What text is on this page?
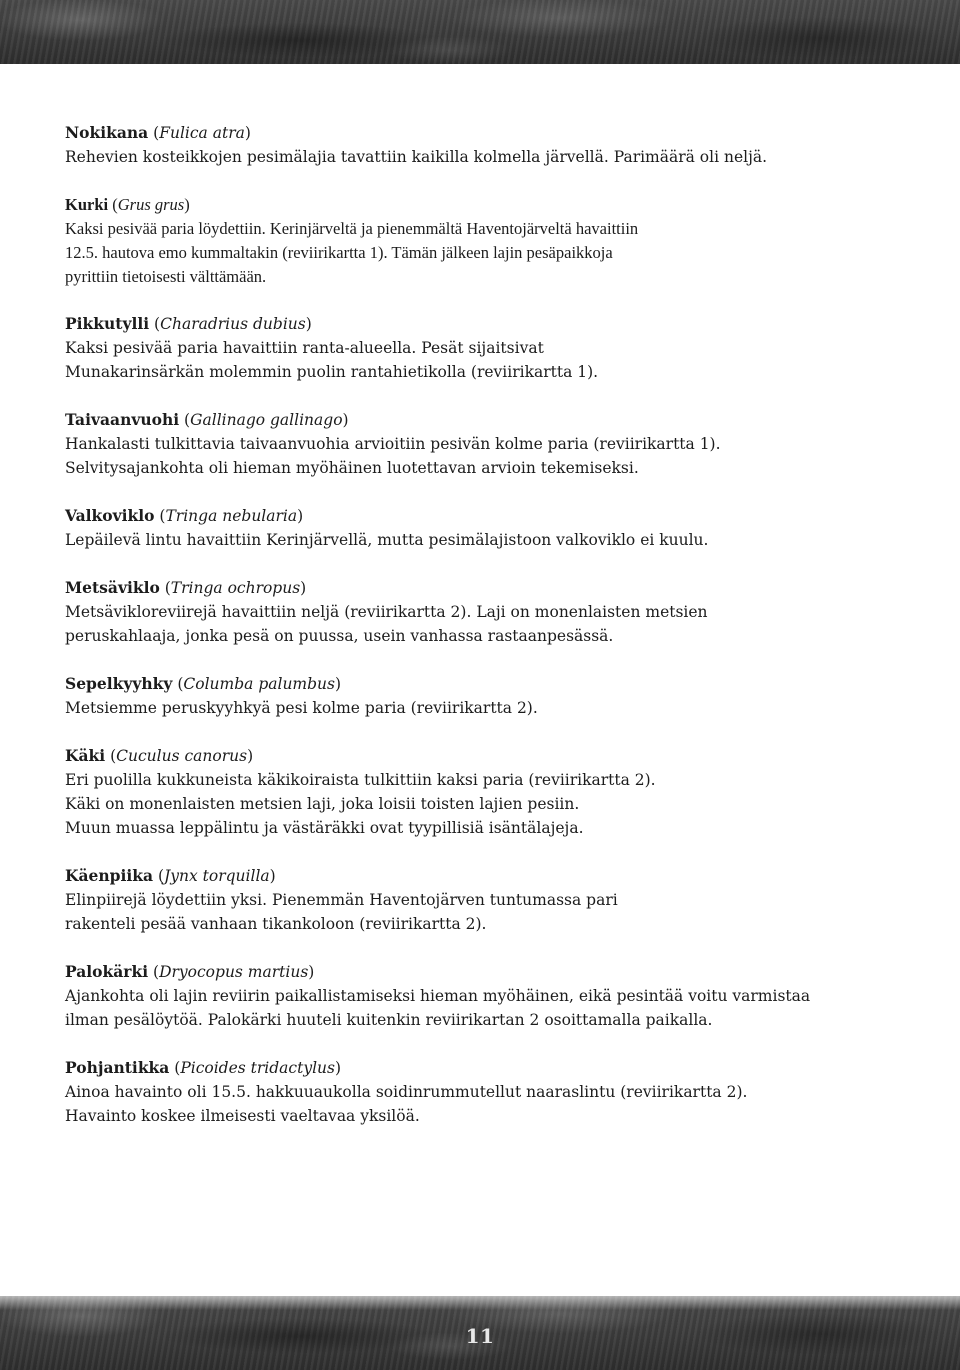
Nokikana (Fulica atra)
Rehevien kosteikkojen pesimälajia tavattiin kaikilla kolmella järvellä. Parimäärä oli neljä.
Kurki (Grus grus)
Kaksi pesivää paria löydettiin. Kerinjärveltä ja pienemmältä Haventojärveltä havaittiin
12.5. hautova emo kummaltakin (reviirikartta 1). Tämän jälkeen lajin pesäpaikkoja
pyrittiin tietoisesti välttämään.
Pikkutylli (Charadrius dubius)
Kaksi pesivää paria havaittiin ranta-alueella. Pesät sijaitsivat
Munakarinsärkän molemmin puolin rantahietikolla (reviirikartta 1).
Taivaanvuohi (Gallinago gallinago)
Hankalasti tulkittavia taivaanvuohia arvioitiin pesivän kolme paria (reviirikartta 1).
Selvitysajankohta oli hieman myöhäinen luotettavan arvioin tekemiseksi.
Valkoviklo (Tringa nebularia)
Lepäilevä lintu havaittiin Kerinjärvellä, mutta pesimälajistoon valkoviklo ei kuulu.
Metsäviklo (Tringa ochropus)
Metsävikloreviirejä havaittiin neljä (reviirikartta 2). Laji on monenlaisten metsien
peruskahlaaja, jonka pesä on puussa, usein vanhassa rastaanpesässä.
Sepelkyyhky (Columba palumbus)
Metsiemme peruskyyhkyä pesi kolme paria (reviirikartta 2).
Käki (Cuculus canorus)
Eri puolilla kukkuneista käkikoiraista tulkittiin kaksi paria (reviirikartta 2).
Käki on monenlaisten metsien laji, joka loisii toisten lajien pesiin.
Muun muassa leppälintu ja västäräkki ovat tyypillisiä isäntälajeja.
Käenpiika (Jynx torquilla)
Elinpiirejä löydettiin yksi. Pienemmän Haventojärven tuntumassa pari
rakenteli pesää vanhaan tikankoloon (reviirikartta 2).
Palokärki (Dryocopus martius)
Ajankohta oli lajin reviirin paikallistamiseksi hieman myöhäinen, eikä pesintää voitu varmistaa
ilman pesälöytöä. Palokärki huuteli kuitenkin reviirikartan 2 osoittamalla paikalla.
Pohjantikka (Picoides tridactylus)
Ainoa havainto oli 15.5. hakkuuaukolla soidinrummutellut naaraslintu (reviirikartta 2).
Havainto koskee ilmeisesti vaeltavaa yksilöä.
11
